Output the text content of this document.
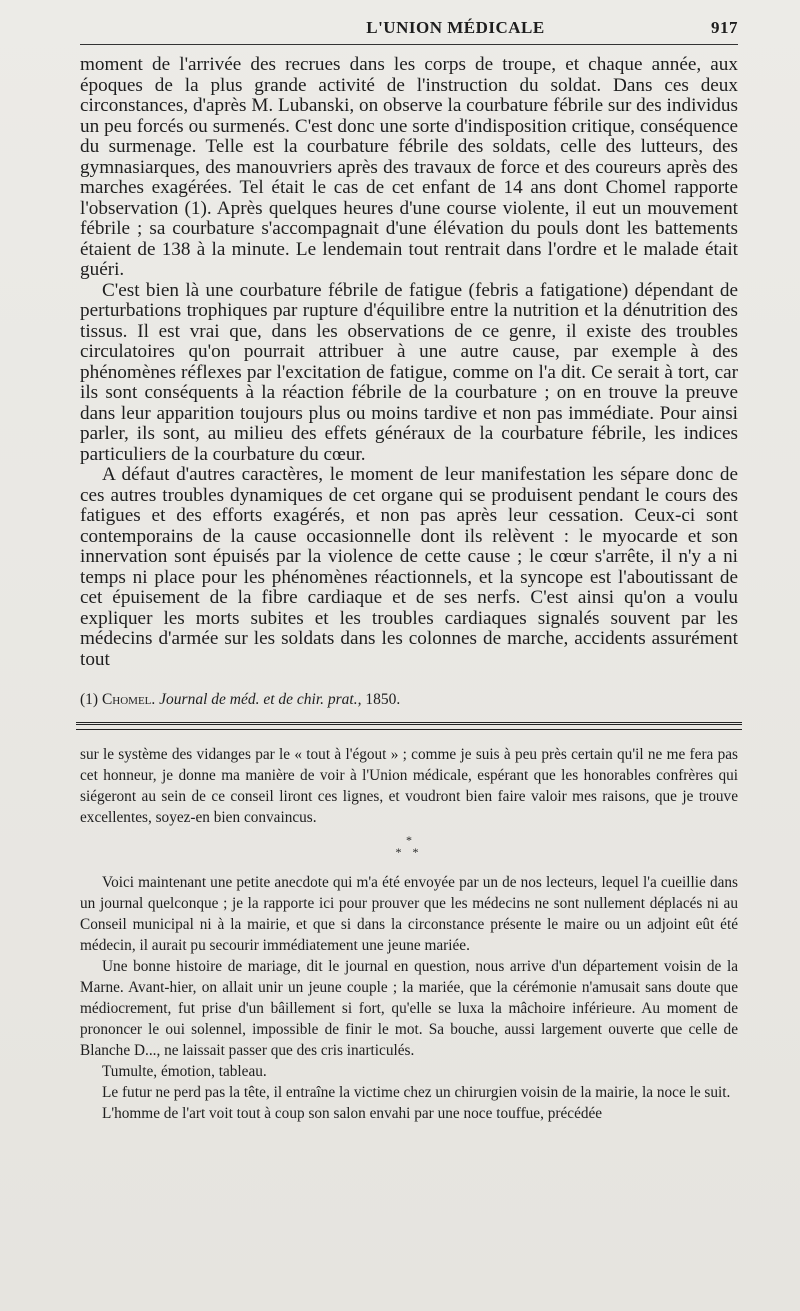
L'UNION MÉDICALE	917

moment de l'arrivée des recrues dans les corps de troupe, et chaque année, aux époques de la plus grande activité de l'instruction du soldat. Dans ces deux circonstances, d'après M. Lubanski, on observe la courbature fébrile sur des individus un peu forcés ou surmenés. C'est donc une sorte d'indisposition critique, conséquence du surmenage. Telle est la courbature fébrile des soldats, celle des lutteurs, des gymnasiarques, des manouvriers après des travaux de force et des coureurs après des marches exagérées. Tel était le cas de cet enfant de 14 ans dont Chomel rapporte l'observation (1). Après quelques heures d'une course violente, il eut un mouvement fébrile ; sa courbature s'accompagnait d'une élévation du pouls dont les battements étaient de 138 à la minute. Le lendemain tout rentrait dans l'ordre et le malade était guéri.

C'est bien là une courbature fébrile de fatigue (febris a fatigatione) dépendant de perturbations trophiques par rupture d'équilibre entre la nutrition et la dénutrition des tissus. Il est vrai que, dans les observations de ce genre, il existe des troubles circulatoires qu'on pourrait attribuer à une autre cause, par exemple à des phénomènes réflexes par l'excitation de fatigue, comme on l'a dit. Ce serait à tort, car ils sont conséquents à la réaction fébrile de la courbature ; on en trouve la preuve dans leur apparition toujours plus ou moins tardive et non pas immédiate. Pour ainsi parler, ils sont, au milieu des effets généraux de la courbature fébrile, les indices particuliers de la courbature du cœur.

A défaut d'autres caractères, le moment de leur manifestation les sépare donc de ces autres troubles dynamiques de cet organe qui se produisent pendant le cours des fatigues et des efforts exagérés, et non pas après leur cessation. Ceux-ci sont contemporains de la cause occasionnelle dont ils relèvent : le myocarde et son innervation sont épuisés par la violence de cette cause ; le cœur s'arrête, il n'y a ni temps ni place pour les phénomènes réactionnels, et la syncope est l'aboutissant de cet épuisement de la fibre cardiaque et de ses nerfs. C'est ainsi qu'on a voulu expliquer les morts subites et les troubles cardiaques signalés souvent par les médecins d'armée sur les soldats dans les colonnes de marche, accidents assurément tout

(1) Chomel. Journal de méd. et de chir. prat., 1850.

sur le système des vidanges par le « tout à l'égout » ; comme je suis à peu près certain qu'il ne me fera pas cet honneur, je donne ma manière de voir à l'Union médicale, espérant que les honorables confrères qui siégeront au sein de ce conseil liront ces lignes, et voudront bien faire valoir mes raisons, que je trouve excellentes, soyez-en bien convaincus.

*
* *

Voici maintenant une petite anecdote qui m'a été envoyée par un de nos lecteurs, lequel l'a cueillie dans un journal quelconque ; je la rapporte ici pour prouver que les médecins ne sont nullement déplacés ni au Conseil municipal ni à la mairie, et que si dans la circonstance présente le maire ou un adjoint eût été médecin, il aurait pu secourir immédiatement une jeune mariée.

Une bonne histoire de mariage, dit le journal en question, nous arrive d'un département voisin de la Marne. Avant-hier, on allait unir un jeune couple ; la mariée, que la cérémonie n'amusait sans doute que médiocrement, fut prise d'un bâillement si fort, qu'elle se luxa la mâchoire inférieure. Au moment de prononcer le oui solennel, impossible de finir le mot. Sa bouche, aussi largement ouverte que celle de Blanche D..., ne laissait passer que des cris inarticulés.

Tumulte, émotion, tableau.

Le futur ne perd pas la tête, il entraîne la victime chez un chirurgien voisin de la mairie, la noce le suit.

L'homme de l'art voit tout à coup son salon envahi par une noce touffue, précédée
